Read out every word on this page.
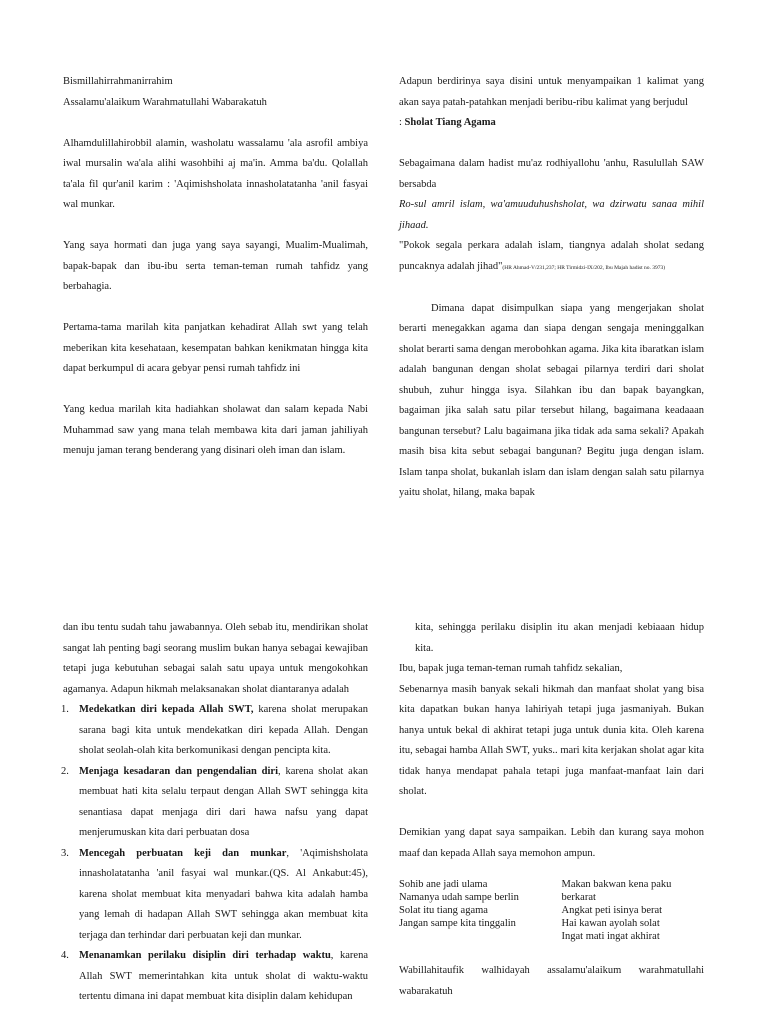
Bismillahirrahmanirrahim

Assalamu'alaikum Warahmatullahi Wabarakatuh

Alhamdulillahirobbil alamin, washolatu wassalamu 'ala asrofil ambiya iwal mursalin wa'ala alihi wasohbihi aj ma'in. Amma ba'du. Qolallah ta'ala fil qur'anil karim : 'Aqimishsholata innasholatatanha 'anil fasyai wal munkar.

Yang saya hormati dan juga yang saya sayangi, Mualim-Mualimah, bapak-bapak dan ibu-ibu serta teman-teman rumah tahfidz yang berbahagia.

Pertama-tama marilah kita panjatkan kehadirat Allah swt yang telah meberikan kita kesehataan, kesempatan bahkan kenikmatan hingga kita dapat berkumpul di acara gebyar pensi rumah tahfidz ini

Yang kedua marilah kita hadiahkan sholawat dan salam kepada Nabi Muhammad saw yang mana telah membawa kita dari jaman jahiliyah menuju jaman terang benderang yang disinari oleh iman dan islam.

Adapun berdirinya saya disini untuk menyampaikan 1 kalimat yang akan saya patah-patahkan menjadi beribu-ribu kalimat yang berjudul

: Sholat Tiang Agama

Sebagaimana dalam hadist mu'az rodhiyallohu 'anhu, Rasulullah SAW bersabda

Ro-sul amril islam, wa'amuuduhushsholat, wa dzirwatu sanaa mihil jihaad.

"Pokok segala perkara adalah islam, tiangnya adalah sholat sedang puncaknya adalah jihad"(HR Ahmad-V/231,237; HR Tirmidzi-IX/202, Ibu Majah hadist no. 3973)

Dimana dapat disimpulkan siapa yang mengerjakan sholat berarti menegakkan agama dan siapa dengan sengaja meninggalkan sholat berarti sama dengan merobohkan agama. Jika kita ibaratkan islam adalah bangunan dengan sholat sebagai pilarnya terdiri dari sholat shubuh, zuhur hingga isya. Silahkan ibu dan bapak bayangkan, bagaiman jika salah satu pilar tersebut hilang, bagaimana keadaaan bangunan tersebut? Lalu bagaimana jika tidak ada sama sekali? Apakah masih bisa kita sebut sebagai bangunan? Begitu juga dengan islam. Islam tanpa sholat, bukanlah islam dan islam dengan salah satu pilarnya yaitu sholat, hilang, maka bapak

dan ibu tentu sudah tahu jawabannya. Oleh sebab itu, mendirikan sholat sangat lah penting bagi seorang muslim bukan hanya sebagai kewajiban tetapi juga kebutuhan sebagai salah satu upaya untuk mengokohkan agamanya. Adapun hikmah melaksanakan sholat diantaranya adalah

1. Medekatkan diri kepada Allah SWT, karena sholat merupakan sarana bagi kita untuk mendekatkan diri kepada Allah. Dengan sholat seolah-olah kita berkomunikasi dengan pencipta kita.
2. Menjaga kesadaran dan pengendalian diri, karena sholat akan membuat hati kita selalu terpaut dengan Allah SWT sehingga kita senantiasa dapat menjaga diri dari hawa nafsu yang dapat menjerumuskan kita dari perbuatan dosa
3. Mencegah perbuatan keji dan munkar, 'Aqimishsholata innasholatatanha 'anil fasyai wal munkar.(QS. Al Ankabut:45), karena sholat membuat kita menyadari bahwa kita adalah hamba yang lemah di hadapan Allah SWT sehingga akan membuat kita terjaga dan terhindar dari perbuatan keji dan munkar.
4. Menanamkan perilaku disiplin diri terhadap waktu, karena Allah SWT memerintahkan kita untuk sholat di waktu-waktu tertentu dimana ini dapat membuat kita disiplin dalam kehidupan

kita, sehingga perilaku disiplin itu akan menjadi kebiaaan hidup kita.

Ibu, bapak juga teman-teman rumah tahfidz sekalian,

Sebenarnya masih banyak sekali hikmah dan manfaat sholat yang bisa kita dapatkan bukan hanya lahiriyah tetapi juga jasmaniyah. Bukan hanya untuk bekal di akhirat tetapi juga untuk dunia kita. Oleh karena itu, sebagai hamba Allah SWT, yuks.. mari kita kerjakan sholat agar kita tidak hanya mendapat pahala tetapi juga manfaat-manfaat lain dari sholat.

Demikian yang dapat saya sampaikan. Lebih dan kurang saya mohon maaf dan kepada Allah saya memohon ampun.

Sohib ane jadi ulama
Namanya udah sampe berlin
Solat itu tiang agama
Jangan sampe kita tinggalin
Makan bakwan kena paku berkarat
Angkat peti isinya berat
Hai kawan ayolah solat
Ingat mati ingat akhirat

Wabillahitaufik walhidayah assalamu'alaikum warahmatullahi wabarakatuh
